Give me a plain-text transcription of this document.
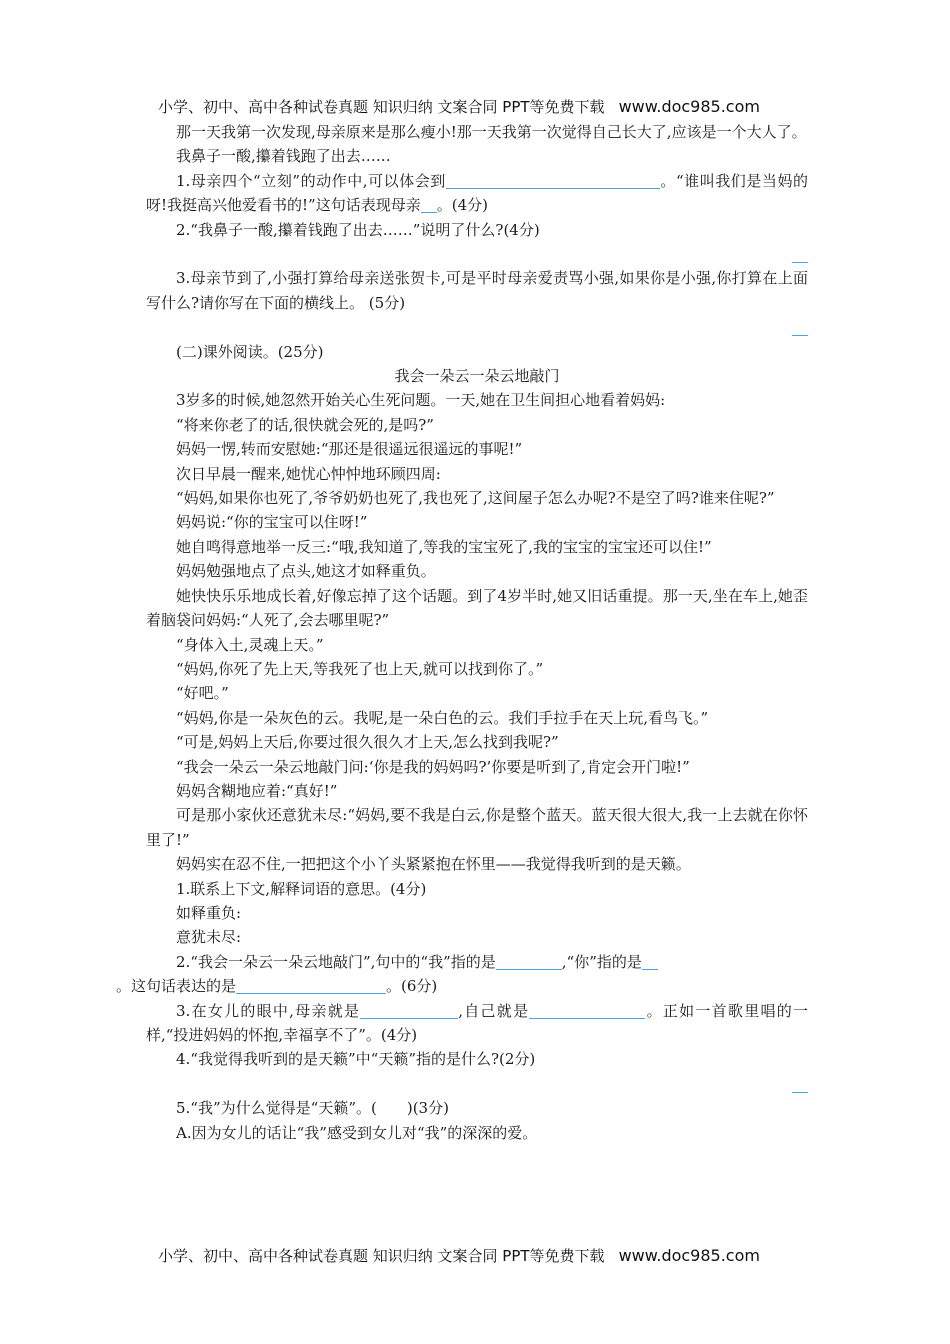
小学、初中、高中各种试卷真题 知识归纳 文案合同 PPT等免费下载 www.doc985.com

那一天我第一次发现,母亲原来是那么瘦小!那一天我第一次觉得自己长大了,应该是一个大人了。

我鼻子一酸,攥着钱跑了出去……

1.母亲四个“立刻”的动作中,可以体会到	。“谁叫我们是当妈的呀!我挺高兴他爱看书的!”这句话表现母亲 。(4分)

2.“我鼻子一酸,攥着钱跑了出去……”说明了什么?(4分)

3.母亲节到了,小强打算给母亲送张贺卡,可是平时母亲爱责骂小强,如果你是小强,你打算在上面写什么?请你写在下面的横线上。 (5分)

(二)课外阅读。(25分)

我会一朵云一朵云地敲门

3岁多的时候,她忽然开始关心生死问题。一天,她在卫生间担心地看着妈妈:

“将来你老了的话,很快就会死的,是吗?”

妈妈一愣,转而安慰她:“那还是很遥远很遥远的事呢!”

次日早晨一醒来,她忧心忡忡地环顾四周:

“妈妈,如果你也死了,爷爷奶奶也死了,我也死了,这间屋子怎么办呢?不是空了吗?谁来住呢?”

妈妈说:“你的宝宝可以住呀!”

她自鸣得意地举一反三:“哦,我知道了,等我的宝宝死了,我的宝宝的宝宝还可以住!”

妈妈勉强地点了点头,她这才如释重负。

她快快乐乐地成长着,好像忘掉了这个话题。到了4岁半时,她又旧话重提。那一天,坐在车上,她歪着脑袋问妈妈:“人死了,会去哪里呢?”

“身体入土,灵魂上天。”

“妈妈,你死了先上天,等我死了也上天,就可以找到你了。”

“好吧。”

“妈妈,你是一朵灰色的云。我呢,是一朵白色的云。我们手拉手在天上玩,看鸟飞。”

“可是,妈妈上天后,你要过很久很久才上天,怎么找到我呢?”

“我会一朵云一朵云地敲门问:‘你是我的妈妈吗?’你要是听到了,肯定会开门啦!”

妈妈含糊地应着:“真好!”

可是那小家伙还意犹未尽:“妈妈,要不我是白云,你是整个蓝天。蓝天很大很大,我一上去就在你怀里了!”

妈妈实在忍不住,一把把这个小丫头紧紧抱在怀里——我觉得我听到的是天籁。

1.联系上下文,解释词语的意思。(4分)

如释重负:

意犹未尽:

2.“我会一朵云一朵云地敲门”,句中的“我”指的是	,“你”指的是
。这句话表达的是	。(6分)

3.在女儿的眼中,母亲就是	,自己就是	。正如一首歌里唱的一样,“投进妈妈的怀抱,幸福享不了”。(4分)

4.“我觉得我听到的是天籁”中“天籁”指的是什么?(2分)

5.“我”为什么觉得是“天籁”。(　　)(3分)

A.因为女儿的话让“我”感受到女儿对“我”的深深的爱。

小学、初中、高中各种试卷真题 知识归纳 文案合同 PPT等免费下载 www.doc985.com
